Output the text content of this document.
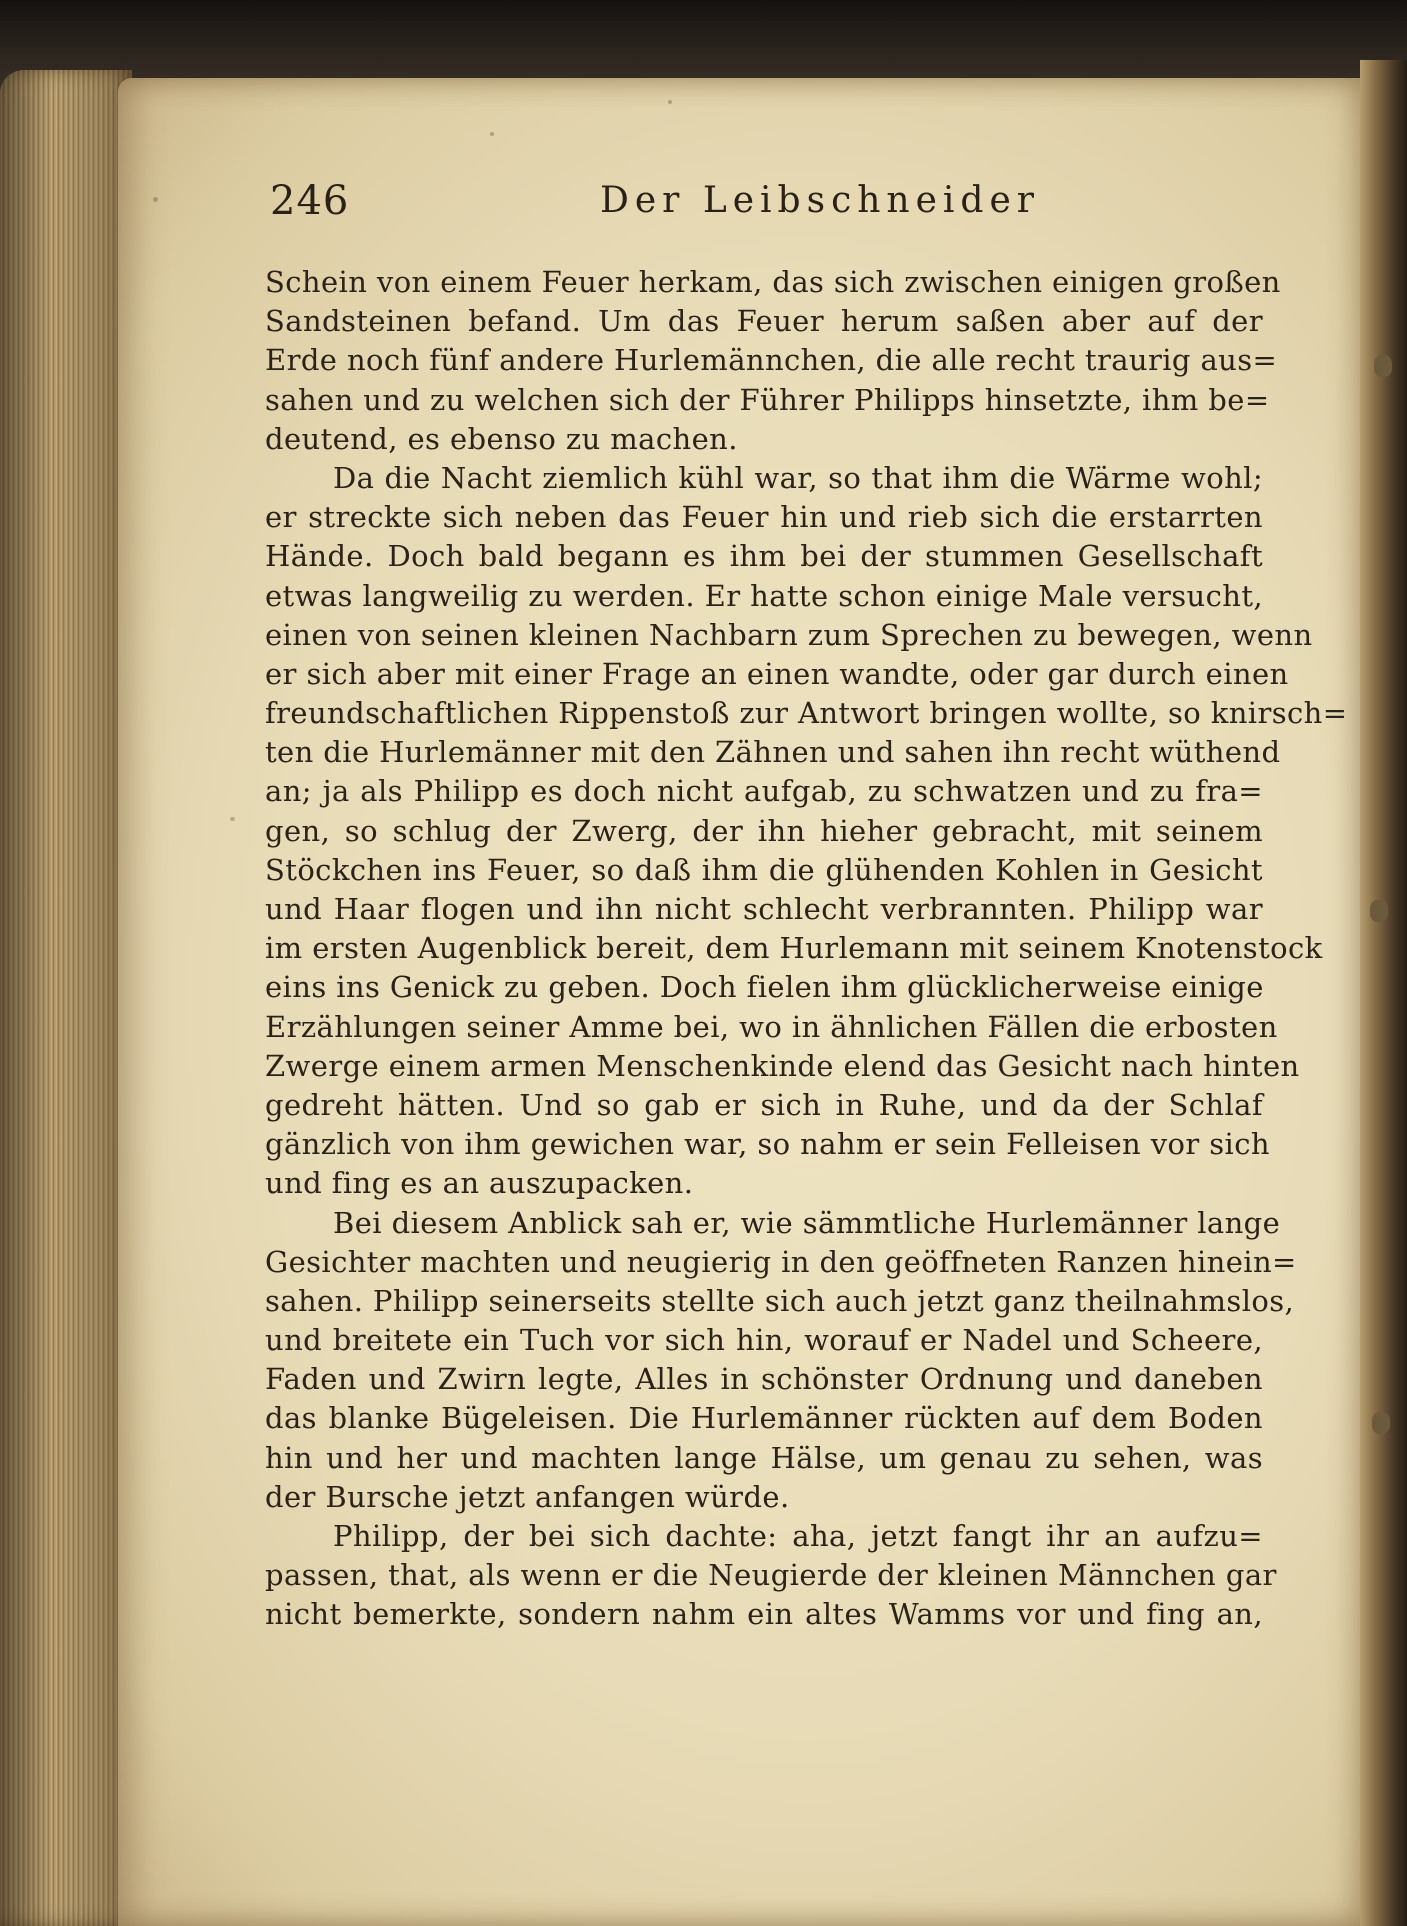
246	Der Leibschneider
Schein von einem Feuer herkam, das sich zwischen einigen großen
Sandsteinen befand. Um das Feuer herum saßen aber auf der
Erde noch fünf andere Hurlemännchen, die alle recht traurig aus=
sahen und zu welchen sich der Führer Philipps hinsetzte, ihm be=
deutend, es ebenso zu machen.
Da die Nacht ziemlich kühl war, so that ihm die Wärme wohl;
er streckte sich neben das Feuer hin und rieb sich die erstarrten
Hände. Doch bald begann es ihm bei der stummen Gesellschaft
etwas langweilig zu werden. Er hatte schon einige Male versucht,
einen von seinen kleinen Nachbarn zum Sprechen zu bewegen, wenn
er sich aber mit einer Frage an einen wandte, oder gar durch einen
freundschaftlichen Rippenstoß zur Antwort bringen wollte, so knirsch=
ten die Hurlemänner mit den Zähnen und sahen ihn recht wüthend
an; ja als Philipp es doch nicht aufgab, zu schwatzen und zu fra=
gen, so schlug der Zwerg, der ihn hieher gebracht, mit seinem
Stöckchen ins Feuer, so daß ihm die glühenden Kohlen in Gesicht
und Haar flogen und ihn nicht schlecht verbrannten. Philipp war
im ersten Augenblick bereit, dem Hurlemann mit seinem Knotenstock
eins ins Genick zu geben. Doch fielen ihm glücklicherweise einige
Erzählungen seiner Amme bei, wo in ähnlichen Fällen die erbosten
Zwerge einem armen Menschenkinde elend das Gesicht nach hinten
gedreht hätten. Und so gab er sich in Ruhe, und da der Schlaf
gänzlich von ihm gewichen war, so nahm er sein Felleisen vor sich
und fing es an auszupacken.
Bei diesem Anblick sah er, wie sämmtliche Hurlemänner lange
Gesichter machten und neugierig in den geöffneten Ranzen hinein=
sahen. Philipp seinerseits stellte sich auch jetzt ganz theilnahmslos,
und breitete ein Tuch vor sich hin, worauf er Nadel und Scheere,
Faden und Zwirn legte, Alles in schönster Ordnung und daneben
das blanke Bügeleisen. Die Hurlemänner rückten auf dem Boden
hin und her und machten lange Hälse, um genau zu sehen, was
der Bursche jetzt anfangen würde.
Philipp, der bei sich dachte: aha, jetzt fangt ihr an aufzu=
passen, that, als wenn er die Neugierde der kleinen Männchen gar
nicht bemerkte, sondern nahm ein altes Wamms vor und fing an,
